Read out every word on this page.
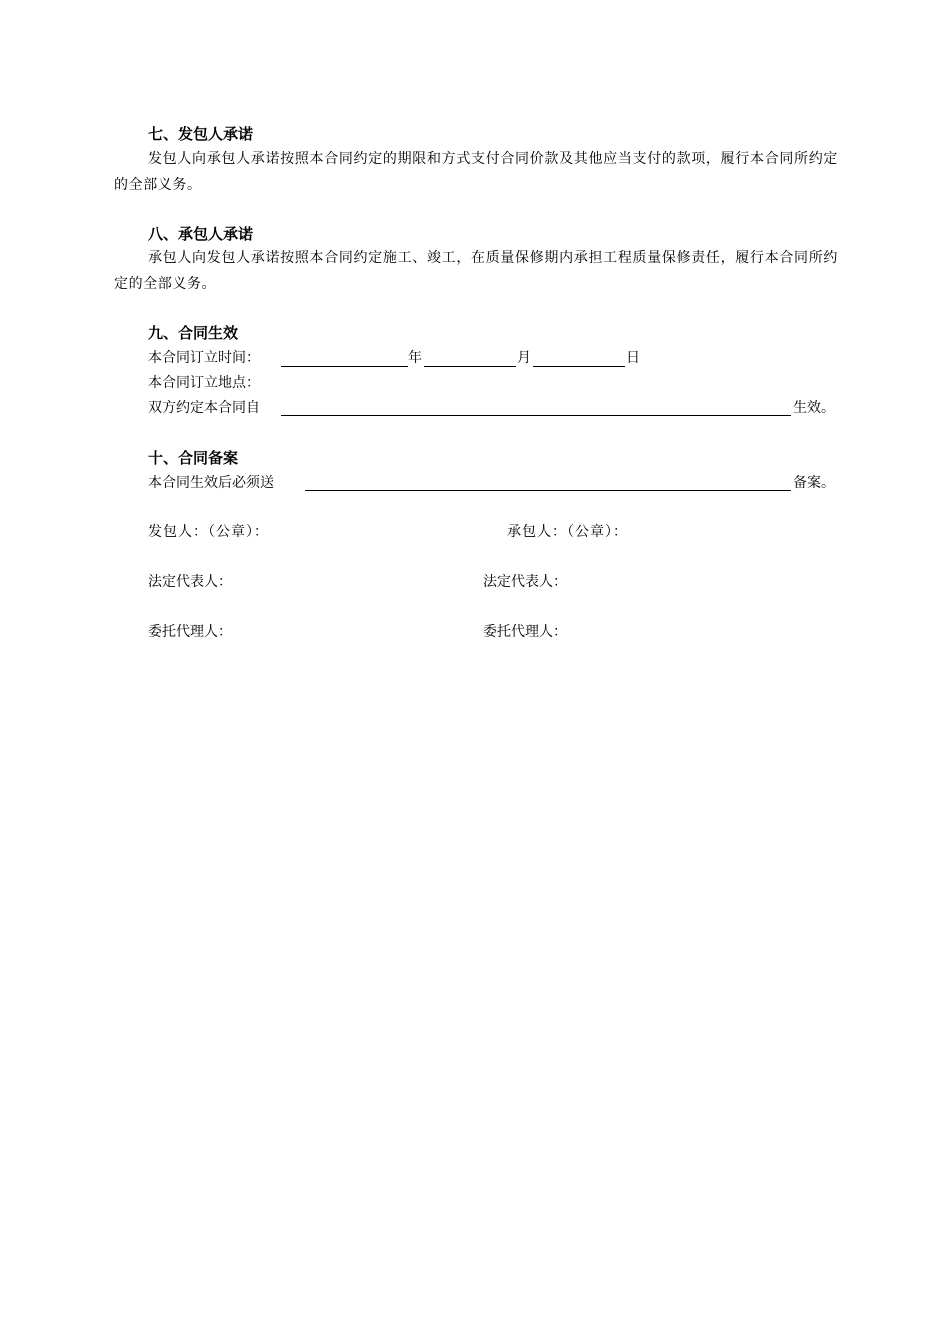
七、发包人承诺
发包人向承包人承诺按照本合同约定的期限和方式支付合同价款及其他应当支付的款项，履行本合同所约定的全部义务。
八、承包人承诺
承包人向发包人承诺按照本合同约定施工、竣工，在质量保修期内承担工程质量保修责任，履行本合同所约定的全部义务。
九、合同生效
本合同订立时间：	年	月	日
本合同订立地点：
双方约定本合同自	生效。
十、合同备案
本合同生效后必须送	备案。
发包人：（公章）：	承包人：（公章）：
法定代表人：	法定代表人：
委托代理人：	委托代理人：
